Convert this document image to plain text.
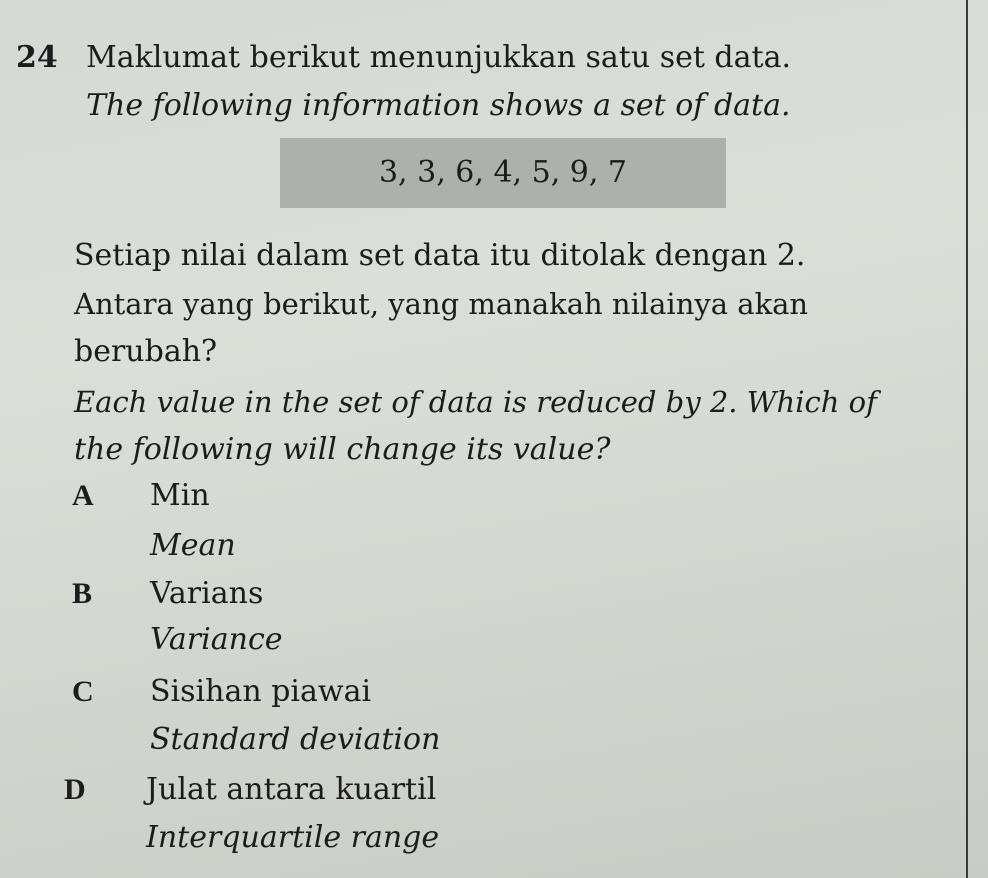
24 Maklumat berikut menunjukkan satu set data.
The following information shows a set of data.
3, 3, 6, 4, 5, 9, 7
Setiap nilai dalam set data itu ditolak dengan 2.
Antara yang berikut, yang manakah nilainya akan
berubah?
Each value in the set of data is reduced by 2. Which of
the following will change its value?
A Min
Mean
B Varians
Variance
C Sisihan piawai
Standard deviation
D Julat antara kuartil
Interquartile range
